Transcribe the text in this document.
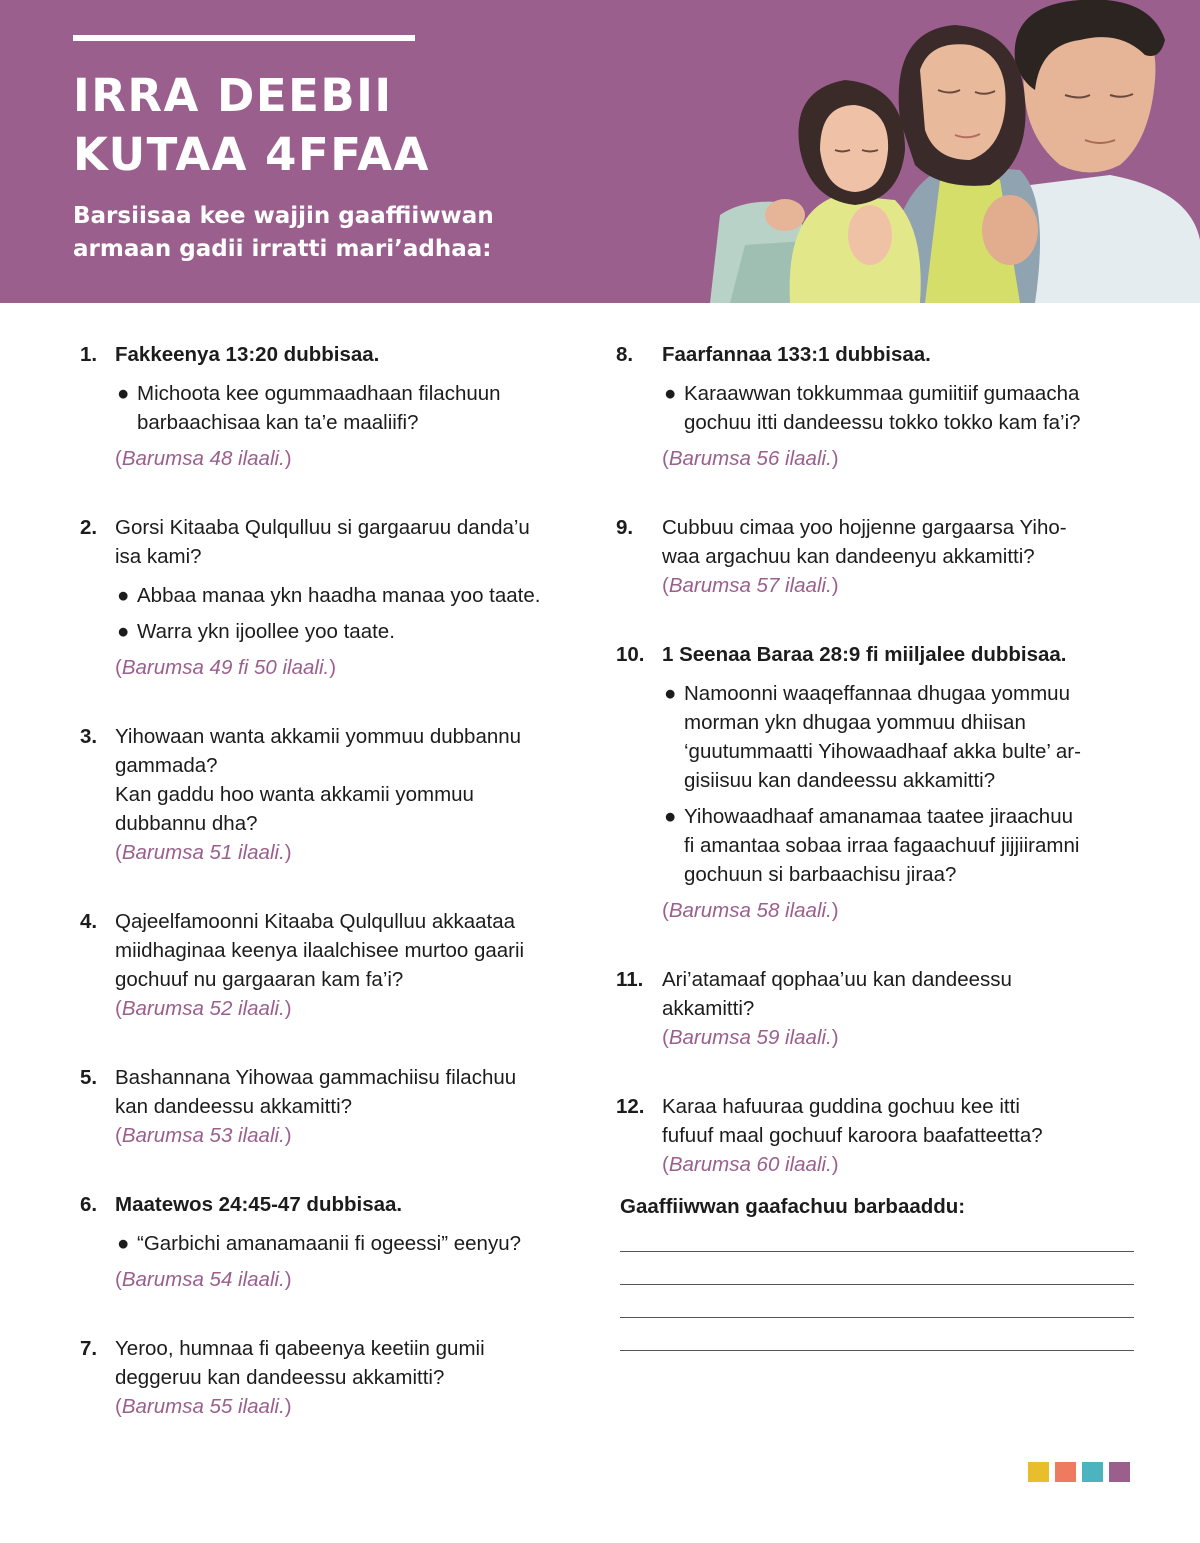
IRRA DEEBII
KUTAA 4FFAA
Barsiisaa kee wajjin gaaffiiwwan
armaan gadii irratti mari’adhaa:
1. Fakkeenya 13:20 dubbisaa.
● Michoota kee ogummaadhaan filachuun
barbaachisaa kan ta’e maaliifi?
(Barumsa 48 ilaali.)
2. Gorsi Kitaaba Qulqulluu si gargaaruu danda’u
isa kami?
● Abbaa manaa ykn haadha manaa yoo taate.
● Warra ykn ijoollee yoo taate.
(Barumsa 49 fi 50 ilaali.)
3. Yihowaan wanta akkamii yommuu dubbannu
gammada?
Kan gaddu hoo wanta akkamii yommuu
dubbannu dha?
(Barumsa 51 ilaali.)
4. Qajeelfamoonni Kitaaba Qulqulluu akkaataa
miidhaginaa keenya ilaalchisee murtoo gaarii
gochuuf nu gargaaran kam fa’i?
(Barumsa 52 ilaali.)
5. Bashannana Yihowaa gammachiisu filachuu
kan dandeessu akkamitti?
(Barumsa 53 ilaali.)
6. Maatewos 24:45-47 dubbisaa.
● “Garbichi amanamaanii fi ogeessi” eenyu?
(Barumsa 54 ilaali.)
7. Yeroo, humnaa fi qabeenya keetiin gumii
deggeruu kan dandeessu akkamitti?
(Barumsa 55 ilaali.)
8. Faarfannaa 133:1 dubbisaa.
● Karaawwan tokkummaa gumiitiif gumaacha
gochuu itti dandeessu tokko tokko kam fa’i?
(Barumsa 56 ilaali.)
9. Cubbuu cimaa yoo hojjenne gargaarsa Yiho-
waa argachuu kan dandeenyu akkamitti?
(Barumsa 57 ilaali.)
10. 1 Seenaa Baraa 28:9 fi miiljalee dubbisaa.
● Namoonni waaqeffannaa dhugaa yommuu
morman ykn dhugaa yommuu dhiisan
‘guutummaatti Yihowaadhaaf akka bulte’ ar-
gisiisuu kan dandeessu akkamitti?
● Yihowaadhaaf amanamaa taatee jiraachuu
fi amantaa sobaa irraa fagaachuuf jijjiiramni
gochuun si barbaachisu jiraa?
(Barumsa 58 ilaali.)
11. Ari’atamaaf qophaa’uu kan dandeessu
akkamitti?
(Barumsa 59 ilaali.)
12. Karaa hafuuraa guddina gochuu kee itti
fufuuf maal gochuuf karoora baafatteetta?
(Barumsa 60 ilaali.)
Gaaffiiwwan gaafachuu barbaaddu:
